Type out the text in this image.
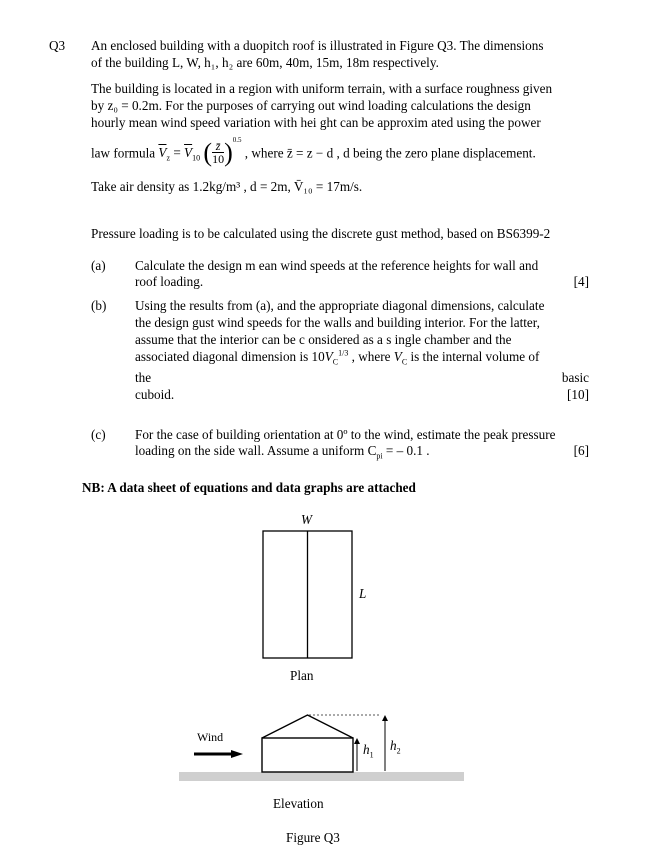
Q3 An enclosed building with a duopitch roof is illustrated in Figure Q3. The dimensions
of the building L, W, h₁, h₂ are 60m, 40m, 15m, 18m respectively.
The building is located in a region with uniform terrain, with a surface roughness given
by z₀ = 0.2m. For the purposes of carrying out wind loading calculations the design
hourly mean wind speed variation with hei ght can be approxim ated using the power
law formula $\overline{V}_z = \overline{V}_{10}$ ( $\frac{z̄}{10} )^{0.5}$ , where z̄ = z − d , d being the zero plane displacement.
Take air density as 1.2kg/m³ , d = 2m, V̄₁₀ = 17m/s.
Pressure loading is to be calculated using the discrete gust method, based on BS6399-2
(a) Calculate the design m ean wind speeds at the reference heights for wall and
roof loading.	[4]
(b) Using the results from (a), and the appropriate diagonal dimensions, calculate
the design gust wind speeds for the walls and building interior. For the latter,
assume that the interior can be c onsidered as a s ingle chamber and the
associated diagonal dimension is $10V_C^{1/3}$ , where $V_C$ is the internal volume of
the	basic
cuboid.	[10]
(c) For the case of building orientation at 0º to the wind, estimate the peak pressure
loading on the side wall. Assume a uniform $C_{pi}$ = – 0.1 .	[6]
NB: A data sheet of equations and data graphs are attached
W
L
Plan
Wind
$h_1$
$h_2$
Elevation
Figure Q3
